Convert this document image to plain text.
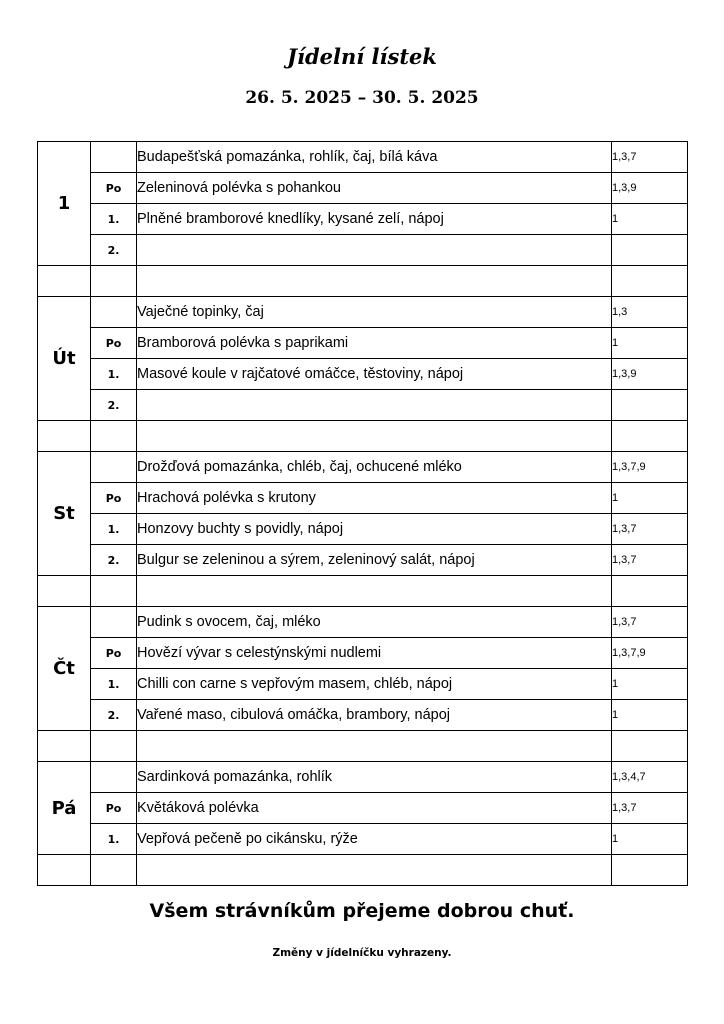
Jídelní lístek
26. 5. 2025 – 30. 5. 2025
1		Budapešťská pomazánka, rohlík, čaj, bílá káva	1,3,7
	Po	Zeleninová polévka s pohankou	1,3,9
	1.	Plněné bramborové knedlíky, kysané zelí, nápoj	1
	2.		

Út		Vaječné topinky, čaj	1,3
	Po	Bramborová polévka s paprikami	1
	1.	Masové koule v rajčatové omáčce, těstoviny, nápoj	1,3,9
	2.		

St		Drožďová pomazánka, chléb, čaj, ochucené mléko	1,3,7,9
	Po	Hrachová polévka s krutony	1
	1.	Honzovy buchty s povidly, nápoj	1,3,7
	2.	Bulgur se zeleninou a sýrem, zeleninový salát, nápoj	1,3,7

Čt		Pudink s ovocem, čaj, mléko	1,3,7
	Po	Hovězí vývar s celestýnskými nudlemi	1,3,7,9
	1.	Chilli con carne s vepřovým masem, chléb, nápoj	1
	2.	Vařené maso, cibulová omáčka, brambory, nápoj	1

Pá		Sardinková pomazánka, rohlík	1,3,4,7
	Po	Květáková polévka	1,3,7
	1.	Vepřová pečeně po cikánsku, rýže	1

Všem strávníkům přejeme dobrou chuť.
Změny v jídelníčku vyhrazeny.
